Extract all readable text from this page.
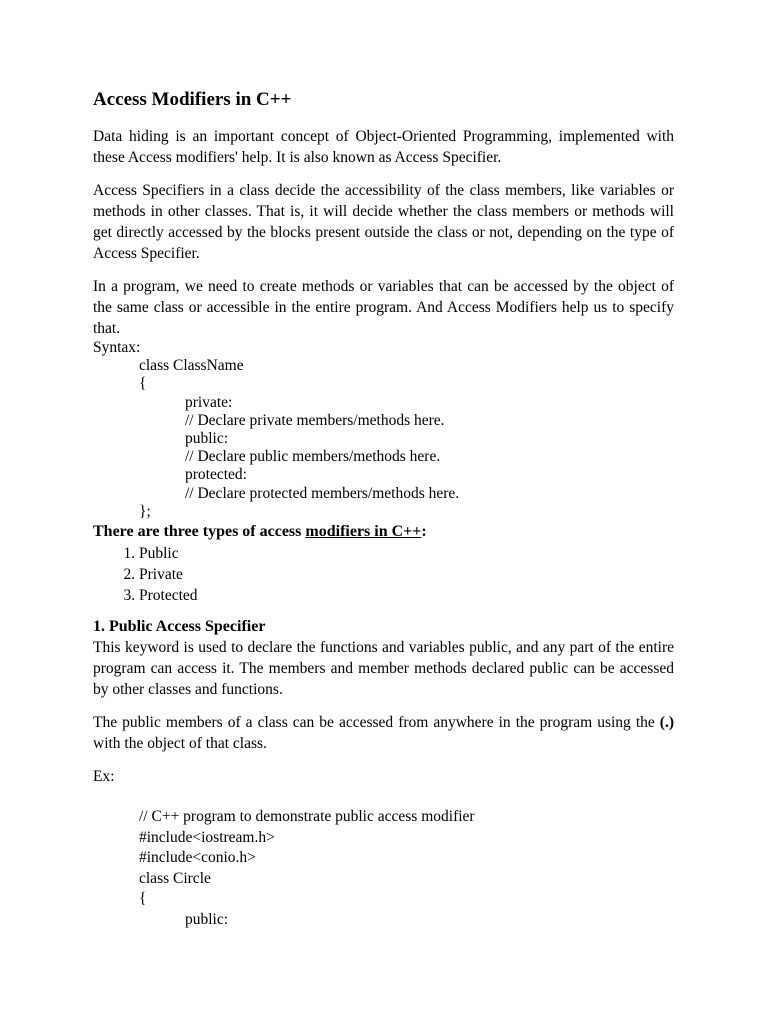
Access Modifiers in C++

Data hiding is an important concept of Object-Oriented Programming, implemented with these Access modifiers' help. It is also known as Access Specifier.

Access Specifiers in a class decide the accessibility of the class members, like variables or methods in other classes. That is, it will decide whether the class members or methods will get directly accessed by the blocks present outside the class or not, depending on the type of Access Specifier.

In a program, we need to create methods or variables that can be accessed by the object of the same class or accessible in the entire program. And Access Modifiers help us to specify that.

Syntax:
class ClassName
{
private:
// Declare private members/methods here.
public:
// Declare public members/methods here.
protected:
// Declare protected members/methods here.
};
There are three types of access modifiers in C++:
1. Public
2. Private
3. Protected
1. Public Access Specifier

This keyword is used to declare the functions and variables public, and any part of the entire program can access it. The members and member methods declared public can be accessed by other classes and functions.

The public members of a class can be accessed from anywhere in the program using the (.) with the object of that class.

Ex:
// C++ program to demonstrate public access modifier
#include<iostream.h>
#include<conio.h>
class Circle
{
public:
